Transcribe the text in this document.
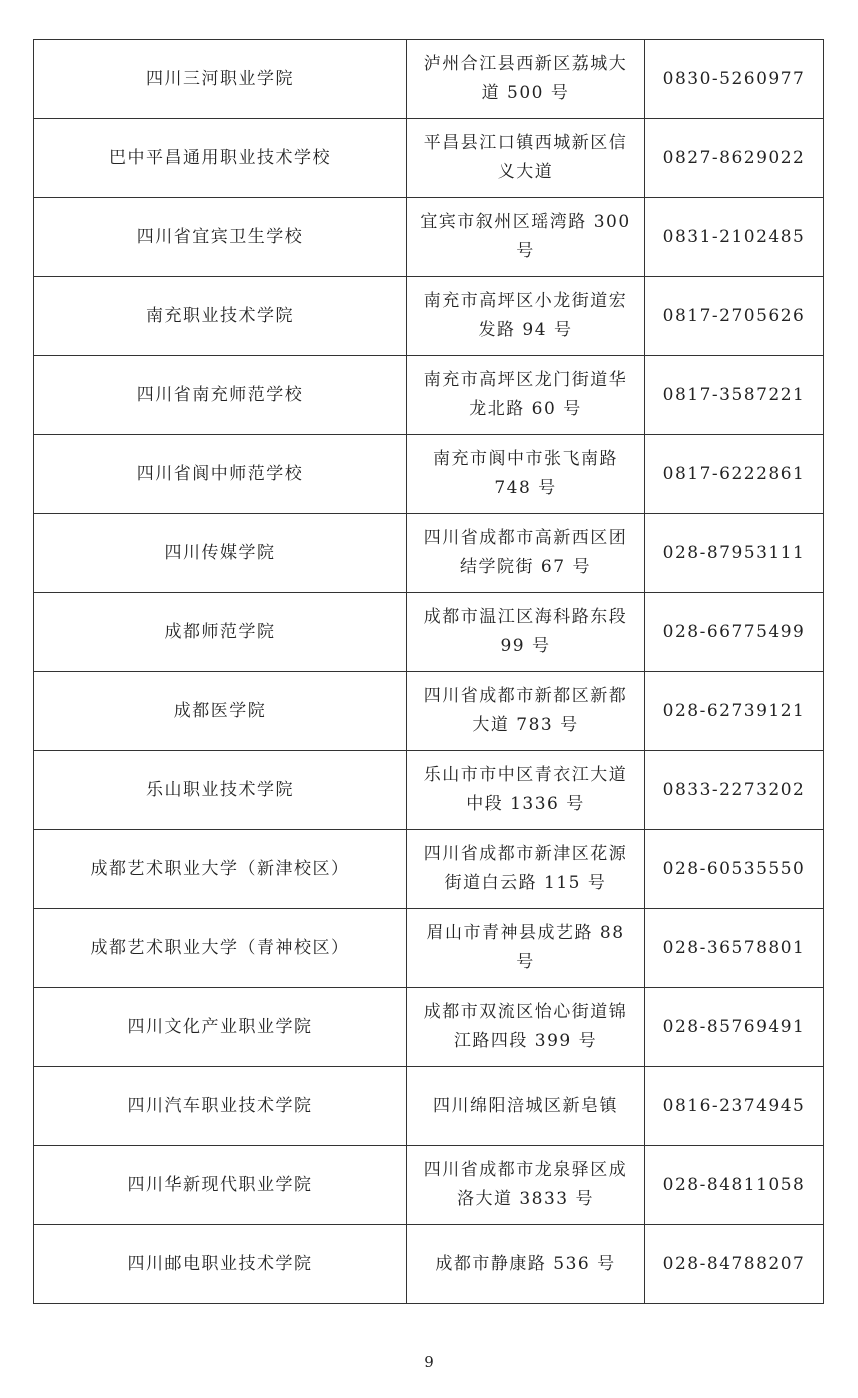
四川三河职业学院	泸州合江县西新区荔城大道 500 号	0830-5260977
巴中平昌通用职业技术学校	平昌县江口镇西城新区信义大道	0827-8629022
四川省宜宾卫生学校	宜宾市叙州区瑶湾路 300 号	0831-2102485
南充职业技术学院	南充市高坪区小龙街道宏发路 94 号	0817-2705626
四川省南充师范学校	南充市高坪区龙门街道华龙北路 60 号	0817-3587221
四川省阆中师范学校	南充市阆中市张飞南路 748 号	0817-6222861
四川传媒学院	四川省成都市高新西区团结学院街 67 号	028-87953111
成都师范学院	成都市温江区海科路东段 99 号	028-66775499
成都医学院	四川省成都市新都区新都大道 783 号	028-62739121
乐山职业技术学院	乐山市市中区青衣江大道中段 1336 号	0833-2273202
成都艺术职业大学（新津校区）	四川省成都市新津区花源街道白云路 115 号	028-60535550
成都艺术职业大学（青神校区）	眉山市青神县成艺路 88 号	028-36578801
四川文化产业职业学院	成都市双流区怡心街道锦江路四段 399 号	028-85769491
四川汽车职业技术学院	四川绵阳涪城区新皂镇	0816-2374945
四川华新现代职业学院	四川省成都市龙泉驿区成洛大道 3833 号	028-84811058
四川邮电职业技术学院	成都市静康路 536 号	028-84788207
9
